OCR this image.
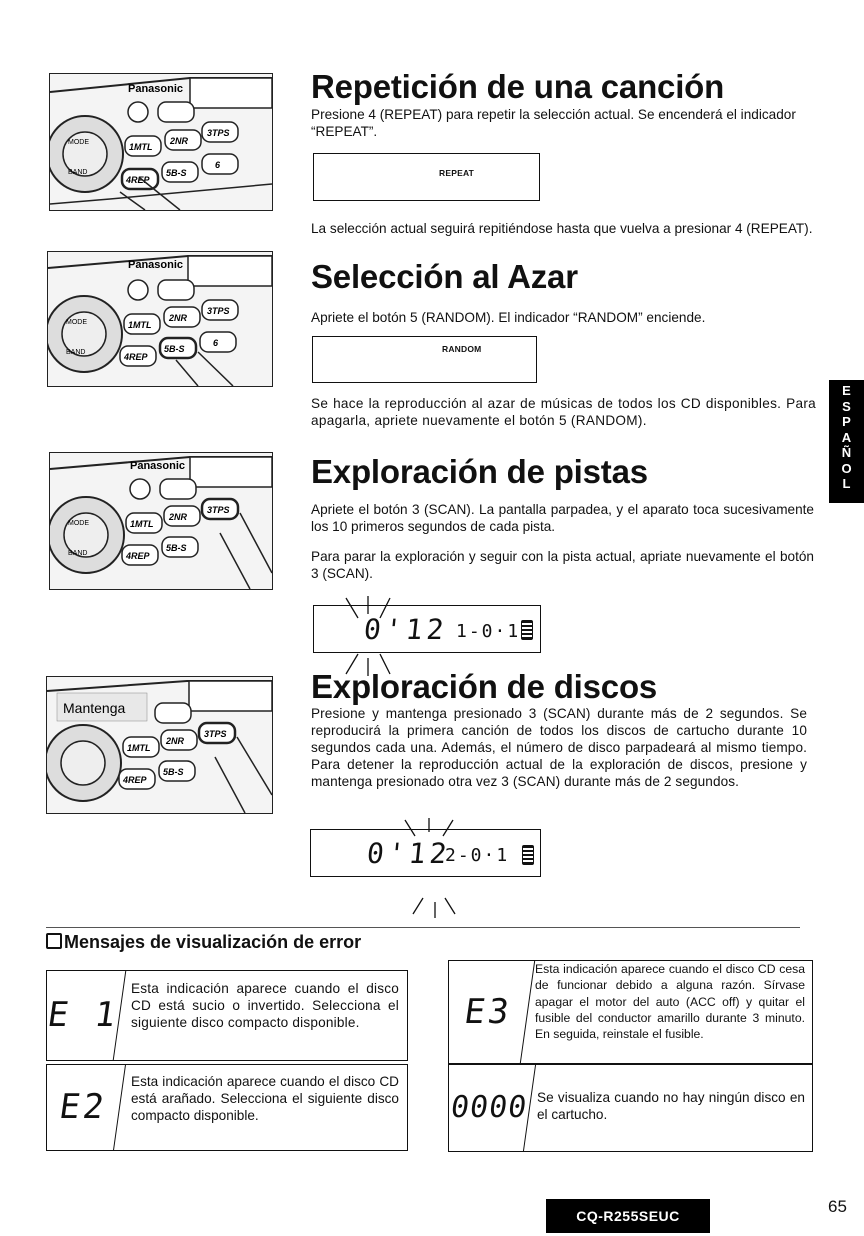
Panasonic
MODE
BAND
1MTL
2NR
3TPS
4REP
5B-S
6
Panasonic
MODE
BAND
1MTL
2NR
3TPS
4REP
5B-S
6
Panasonic
MODE
BAND
1MTL
2NR
3TPS
4REP
5B-S
1MTL
2NR
3TPS
4REP
5B-S
Mantenga
Repetición de una canción
Presione 4 (REPEAT) para repetir la selección actual. Se encenderá el indicador “REPEAT”.
REPEAT
La selección actual seguirá repitiéndose hasta que vuelva a presionar 4 (REPEAT).
Selección al Azar
Apriete el botón 5 (RANDOM). El indicador “RANDOM” enciende.
RANDOM
Se hace la reproducción al azar de músicas de todos los CD disponibles. Para apagarla, apriete nuevamente el botón 5 (RANDOM).
E
S
P
A
Ñ
O
L
Exploración de pistas
Apriete el botón 3 (SCAN). La pantalla parpadea, y el aparato toca sucesivamente los 10 primeros segundos de cada pista.
Para parar la exploración y seguir con la pista actual, apriate nuevamente el botón 3 (SCAN).
0'12 1-0·1
Exploración de discos
Presione y mantenga presionado 3 (SCAN) durante más de 2 segundos. Se reproducirá la primera canción de todos los discos de cartucho durante 10 segundos cada una. Además, el número de disco parpadeará al mismo tiempo. Para detener la reproducción actual de la exploración de discos, presione y mantenga presionado otra vez 3 (SCAN) durante más de 2 segundos.
0'12
2-0·1
Mensajes de visualización de error
E 1
Esta indicación aparece cuando el disco CD está sucio o invertido. Selecciona el siguiente disco compacto disponible.
E2
Esta indicación aparece cuando el disco CD está arañado. Selecciona el siguiente disco compacto disponible.
E3
Esta indicación aparece cuando el disco CD cesa de funcionar debido a alguna razón. Sírvase apagar el motor del auto (ACC off) y quitar el fusible del conductor amarillo durante 3 minuto. En seguida, reinstale el fusible.
0000 Se visualiza cuando no hay ningún disco en el cartucho.
CQ-R255SEUC	65
